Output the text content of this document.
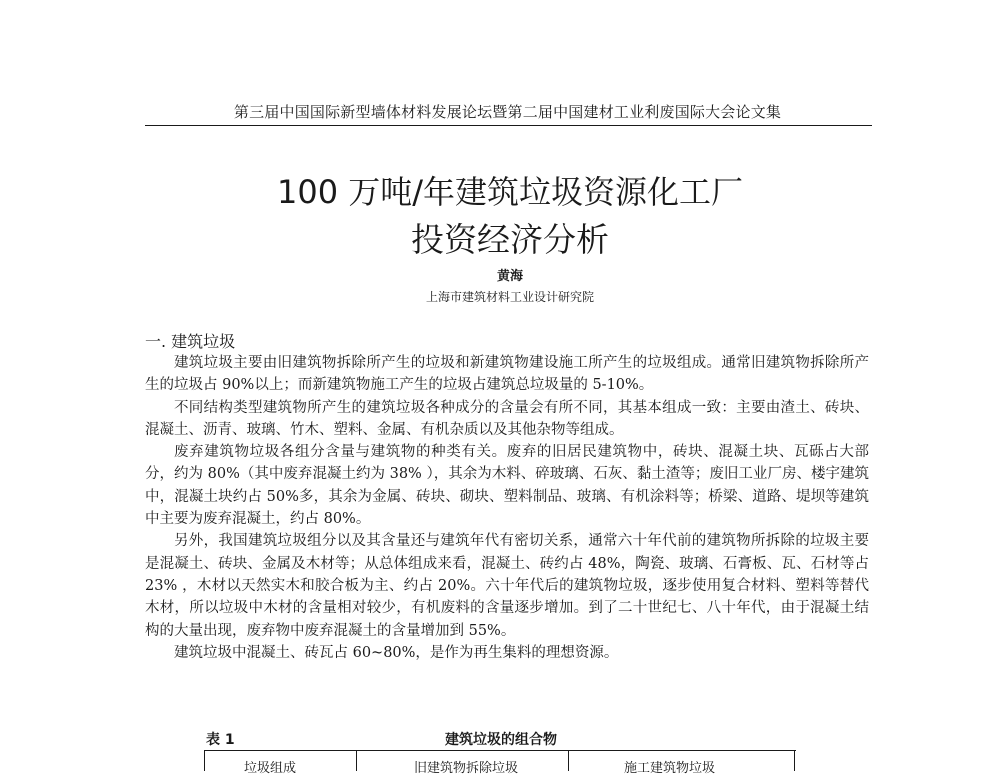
第三届中国国际新型墙体材料发展论坛暨第二届中国建材工业利废国际大会论文集
100 万吨/年建筑垃圾资源化工厂
投资经济分析
黄海
上海市建筑材料工业设计研究院
一. 建筑垃圾

建筑垃圾主要由旧建筑物拆除所产生的垃圾和新建筑物建设施工所产生的垃圾组成。通常旧建筑物拆除所产生的垃圾占 90%以上；而新建筑物施工产生的垃圾占建筑总垃圾量的 5-10%。

不同结构类型建筑物所产生的建筑垃圾各种成分的含量会有所不同，其基本组成一致：主要由渣土、砖块、混凝土、沥青、玻璃、竹木、塑料、金属、有机杂质以及其他杂物等组成。

废弃建筑物垃圾各组分含量与建筑物的种类有关。废弃的旧居民建筑物中，砖块、混凝土块、瓦砾占大部分，约为 80%（其中废弃混凝土约为 38% ），其余为木料、碎玻璃、石灰、黏土渣等；废旧工业厂房、楼宇建筑中，混凝土块约占 50%多，其余为金属、砖块、砌块、塑料制品、玻璃、有机涂料等；桥梁、道路、堤坝等建筑中主要为废弃混凝土，约占 80%。

另外，我国建筑垃圾组分以及其含量还与建筑年代有密切关系，通常六十年代前的建筑物所拆除的垃圾主要是混凝土、砖块、金属及木材等；从总体组成来看，混凝土、砖约占 48%，陶瓷、玻璃、石膏板、瓦、石材等占 23% ，木材以天然实木和胶合板为主、约占 20%。六十年代后的建筑物垃圾，逐步使用复合材料、塑料等替代木材，所以垃圾中木材的含量相对较少，有机废料的含量逐步增加。到了二十世纪七、八十年代，由于混凝土结构的大量出现，废弃物中废弃混凝土的含量增加到 55%。

建筑垃圾中混凝土、砖瓦占 60~80%，是作为再生集料的理想资源。

表 1	建筑垃圾的组合物
垃圾组成	旧建筑物拆除垃圾	施工建筑物垃圾
